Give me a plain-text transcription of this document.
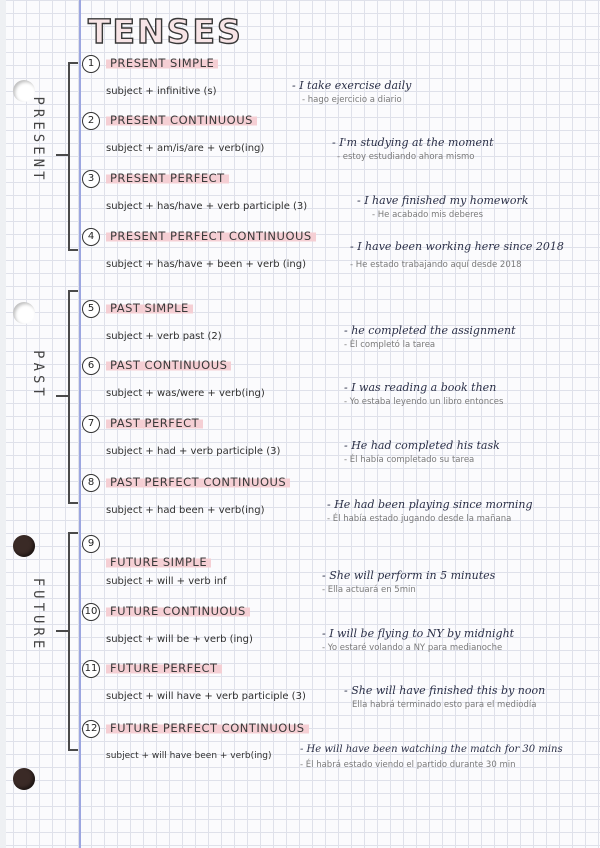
TENSES
PRESENT
PAST
FUTURE
1	PRESENT SIMPLE
subject + infinitive (s)	- I take exercise daily
- hago ejercicio a diario
2	PRESENT CONTINUOUS
subject + am/is/are + verb(ing)	- I'm studying at the moment
- estoy estudiando ahora mismo
3	PRESENT PERFECT
subject + has/have + verb participle (3)	- I have finished my homework
- He acabado mis deberes
4	PRESENT PERFECT CONTINUOUS
subject + has/have + been + verb (ing)
- I have been working here since 2018
- He estado trabajando aquí desde 2018
5	PAST SIMPLE
subject + verb past (2)	- he completed the assignment
- Él completó la tarea
6	PAST CONTINUOUS
subject + was/were + verb(ing)	- I was reading a book then
- Yo estaba leyendo un libro entonces
7	PAST PERFECT
subject + had + verb participle (3)	- He had completed his task
- Él había completado su tarea
8	PAST PERFECT CONTINUOUS
subject + had been + verb(ing)	- He had been playing since morning
- Él había estado jugando desde la mañana
9
FUTURE SIMPLE
subject + will + verb inf	- She will perform in 5 minutes
- Ella actuará en 5min
10	FUTURE CONTINUOUS
subject + will be + verb (ing)	- I will be flying to NY by midnight
- Yo estaré volando a NY para medianoche
11	FUTURE PERFECT
subject + will have + verb participle (3)	- She will have finished this by noon
Ella habrá terminado esto para el mediodía
12	FUTURE PERFECT CONTINUOUS
subject + will have been + verb(ing)
- He will have been watching the match for 30 mins
- Él habrá estado viendo el partido durante 30 min
